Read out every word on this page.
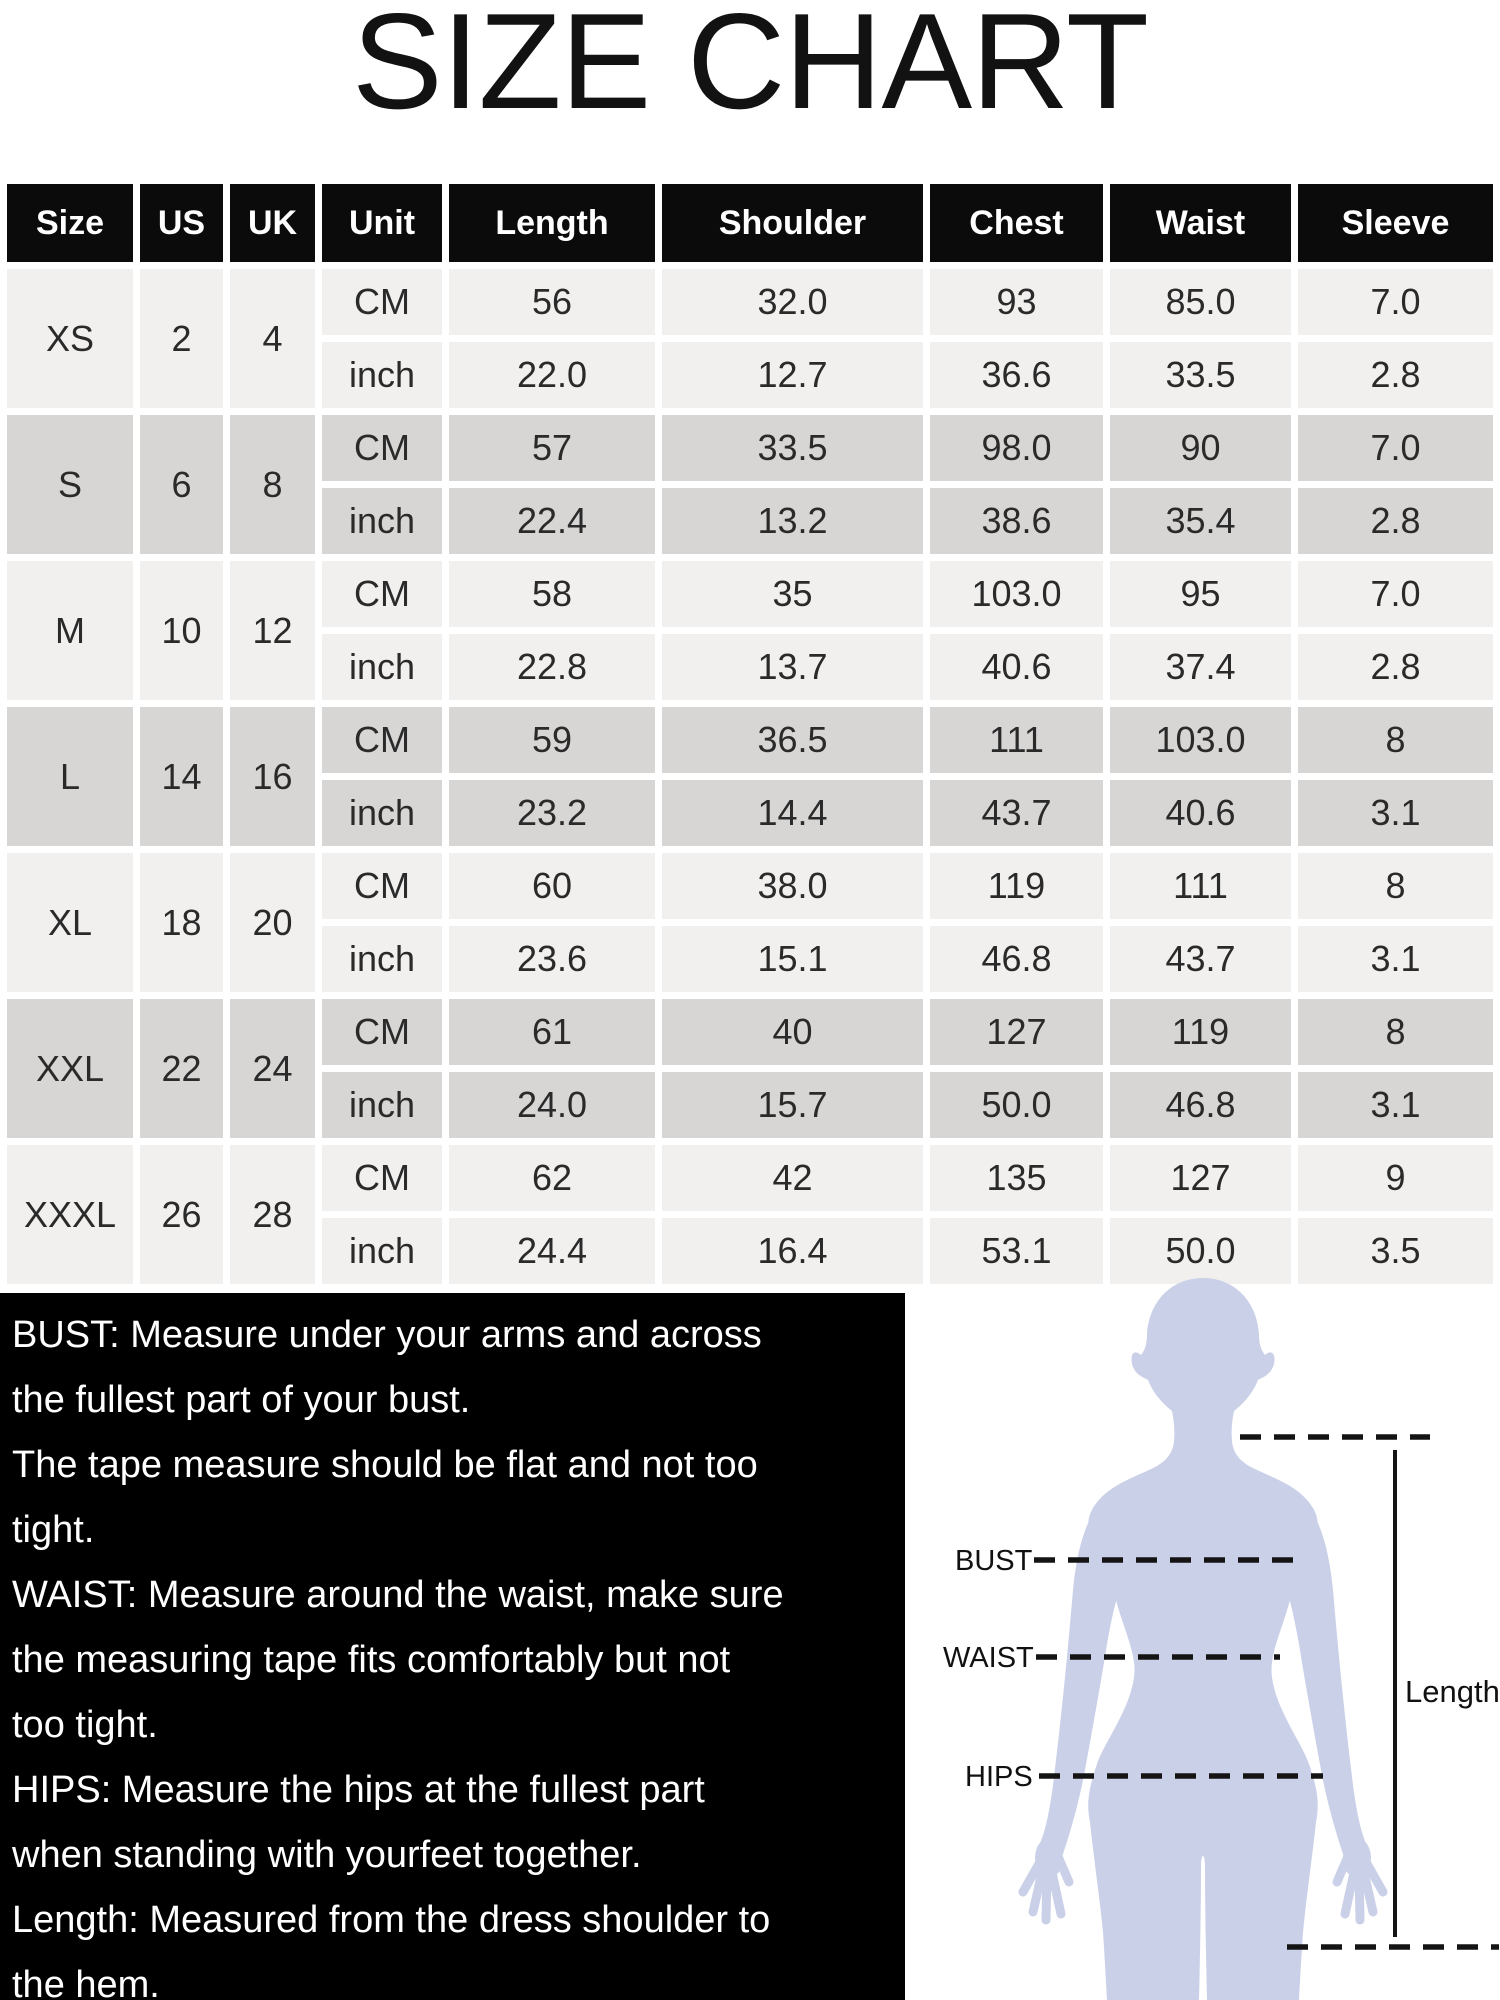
SIZE CHART
Size	US	UK	Unit	Length	Shoulder	Chest	Waist	Sleeve
XS	2	4	CM	56	32.0	93	85.0	7.0
			inch	22.0	12.7	36.6	33.5	2.8
S	6	8	CM	57	33.5	98.0	90	7.0
			inch	22.4	13.2	38.6	35.4	2.8
M	10	12	CM	58	35	103.0	95	7.0
			inch	22.8	13.7	40.6	37.4	2.8
L	14	16	CM	59	36.5	111	103.0	8
			inch	23.2	14.4	43.7	40.6	3.1
XL	18	20	CM	60	38.0	119	111	8
			inch	23.6	15.1	46.8	43.7	3.1
XXL	22	24	CM	61	40	127	119	8
			inch	24.0	15.7	50.0	46.8	3.1
XXXL	26	28	CM	62	42	135	127	9
			inch	24.4	16.4	53.1	50.0	3.5
BUST: Measure under your arms and across
the fullest part of your bust.
The tape measure should be flat and not too
tight.
WAIST: Measure around the waist, make sure
the measuring tape fits comfortably but not
too tight.
HIPS: Measure the hips at the fullest part
when standing with yourfeet together.
Length: Measured from the dress shoulder to
the hem.
BUST
WAIST
HIPS
Length
